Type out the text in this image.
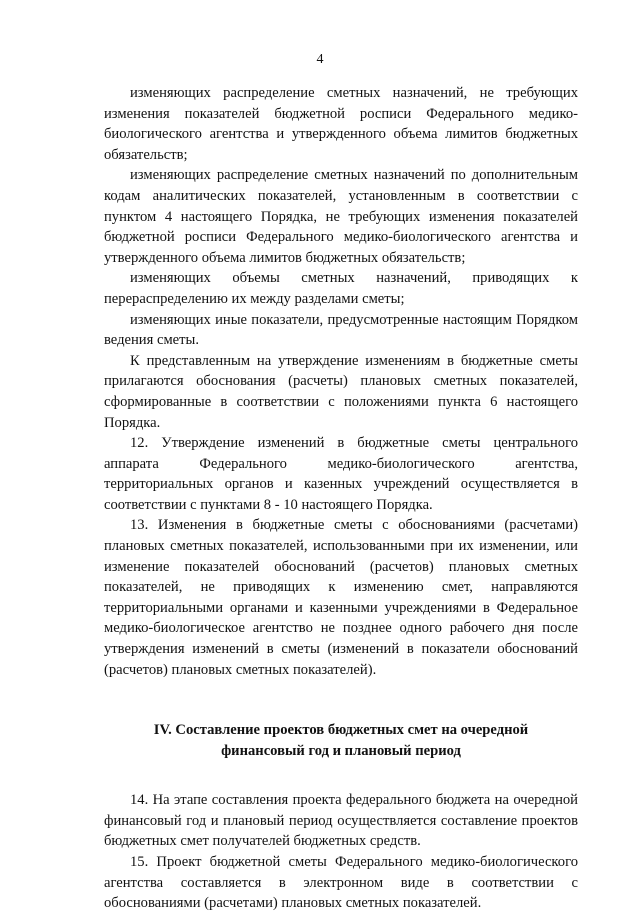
4

изменяющих распределение сметных назначений, не требующих изменения показателей бюджетной росписи Федерального медико-биологического агентства и утвержденного объема лимитов бюджетных обязательств;

изменяющих распределение сметных назначений по дополнительным кодам аналитических показателей, установленным в соответствии с пунктом 4 настоящего Порядка, не требующих изменения показателей бюджетной росписи Федерального медико-биологического агентства и утвержденного объема лимитов бюджетных обязательств;

изменяющих объемы сметных назначений, приводящих к перераспределению их между разделами сметы;

изменяющих иные показатели, предусмотренные настоящим Порядком ведения сметы.

К представленным на утверждение изменениям в бюджетные сметы прилагаются обоснования (расчеты) плановых сметных показателей, сформированные в соответствии с положениями пункта 6 настоящего Порядка.

12. Утверждение изменений в бюджетные сметы центрального аппарата Федерального медико-биологического агентства, территориальных органов и казенных учреждений осуществляется в соответствии с пунктами 8 - 10 настоящего Порядка.

13. Изменения в бюджетные сметы с обоснованиями (расчетами) плановых сметных показателей, использованными при их изменении, или изменение показателей обоснований (расчетов) плановых сметных показателей, не приводящих к изменению смет, направляются территориальными органами и казенными учреждениями в Федеральное медико-биологическое агентство не позднее одного рабочего дня после утверждения изменений в сметы (изменений в показатели обоснований (расчетов) плановых сметных показателей).

IV. Составление проектов бюджетных смет на очередной
финансовый год и плановый период

14. На этапе составления проекта федерального бюджета на очередной финансовый год и плановый период осуществляется составление проектов бюджетных смет получателей бюджетных средств.

15. Проект бюджетной сметы Федерального медико-биологического агентства составляется в электронном виде в соответствии с обоснованиями (расчетами) плановых сметных показателей.
